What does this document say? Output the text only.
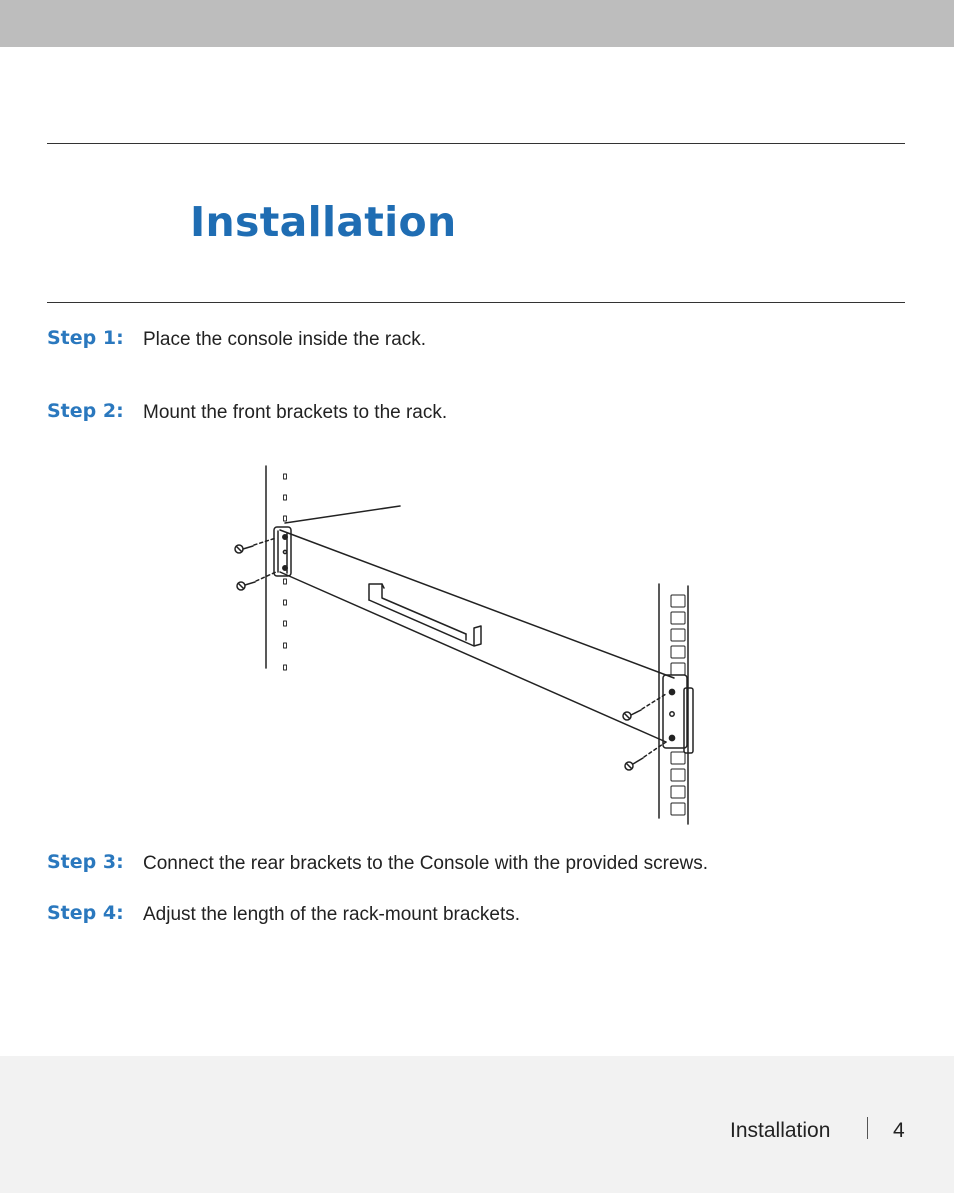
Installation
Step 1: Place the console inside the rack.
Step 2: Mount the front brackets to the rack.
Step 3: Connect the rear brackets to the Console with the provided screws.
Step 4: Adjust the length of the rack-mount brackets.
Installation	4
